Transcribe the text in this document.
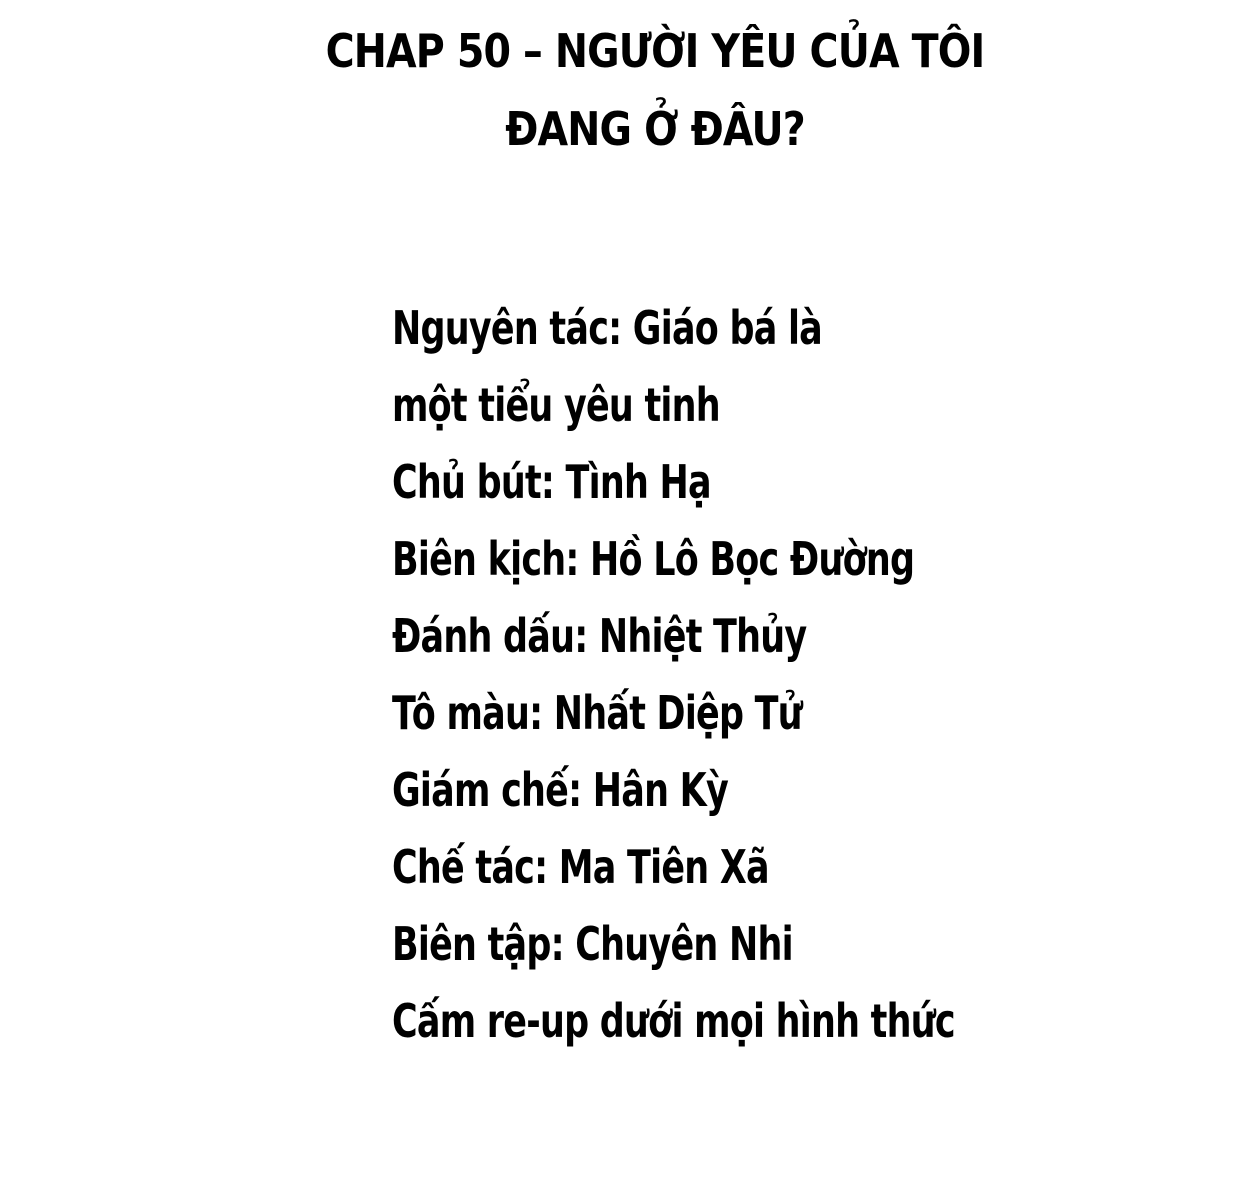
CHAP 50 – NGƯỜI YÊU CỦA TÔI
ĐANG Ở ĐÂU?
Nguyên tác: Giáo bá là
một tiểu yêu tinh
Chủ bút: Tình Hạ
Biên kịch: Hồ Lô Bọc Đường
Đánh dấu: Nhiệt Thủy
Tô màu: Nhất Diệp Tử
Giám chế: Hân Kỳ
Chế tác: Ma Tiên Xã
Biên tập: Chuyên Nhi
Cấm re-up dưới mọi hình thức
